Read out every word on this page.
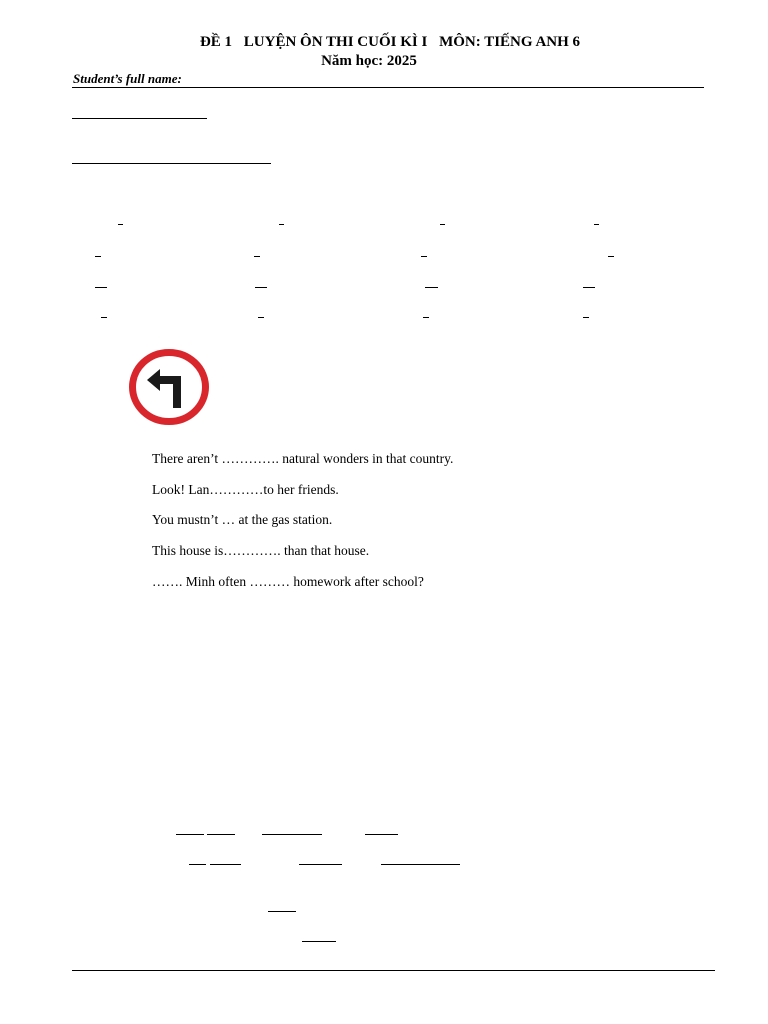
ĐỀ 1 LUYỆN ÔN THI CUỐI KÌ I MÔN: TIẾNG ANH 6
Năm học: 2025
Student’s full name:
There aren’t …………. natural wonders in that country.
Look! Lan…………to her friends.
You mustn’t … at the gas station.
This house is…………. than that house.
……. Minh often ……… homework after school?
